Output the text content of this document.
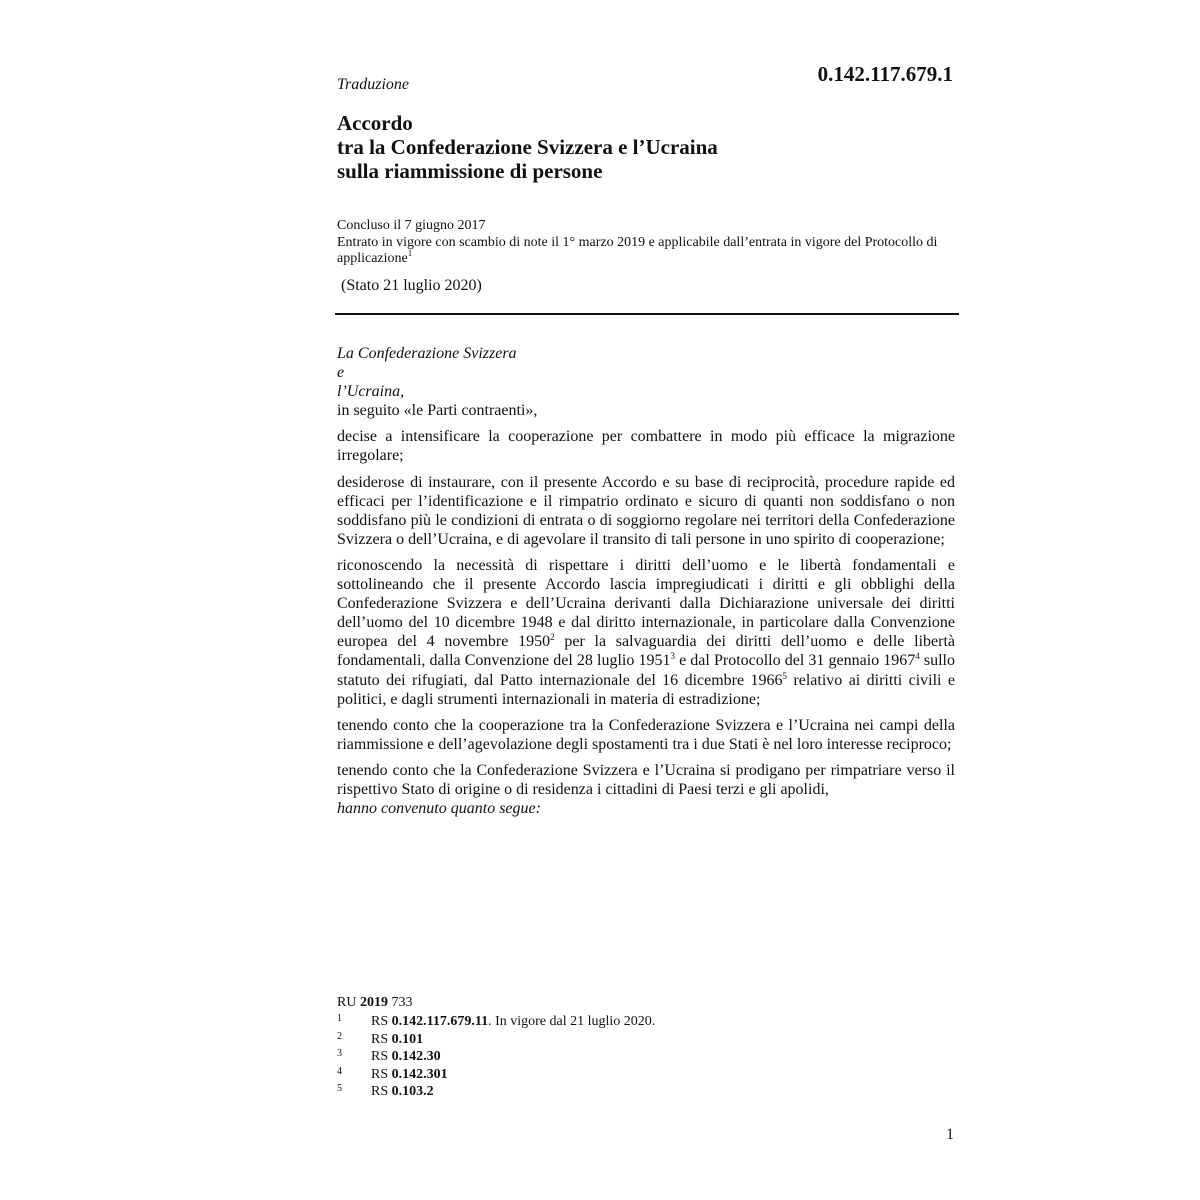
0.142.117.679.1
Traduzione
Accordo
tra la Confederazione Svizzera e l’Ucraina
sulla riammissione di persone
Concluso il 7 giugno 2017
Entrato in vigore con scambio di note il 1° marzo 2019 e applicabile dall’entrata in vigore del Protocollo di applicazione$^1$
(Stato 21 luglio 2020)
La Confederazione Svizzera
e
l’Ucraina,

in seguito «le Parti contraenti»,

decise a intensificare la cooperazione per combattere in modo più efficace la migrazione irregolare;

desiderose di instaurare, con il presente Accordo e su base di reciprocità, procedure rapide ed efficaci per l’identificazione e il rimpatrio ordinato e sicuro di quanti non soddisfano o non soddisfano più le condizioni di entrata o di soggiorno regolare nei territori della Confederazione Svizzera o dell’Ucraina, e di agevolare il transito di tali persone in uno spirito di cooperazione;

riconoscendo la necessità di rispettare i diritti dell’uomo e le libertà fondamentali e sottolineando che il presente Accordo lascia impregiudicati i diritti e gli obblighi della Confederazione Svizzera e dell’Ucraina derivanti dalla Dichiarazione universale dei diritti dell’uomo del 10 dicembre 1948 e dal diritto internazionale, in particolare dalla Convenzione europea del 4 novembre 1950$^2$ per la salvaguardia dei diritti dell’uomo e delle libertà fondamentali, dalla Convenzione del 28 luglio 1951$^3$ e dal Protocollo del 31 gennaio 1967$^4$ sullo statuto dei rifugiati, dal Patto internazionale del 16 dicembre 1966$^5$ relativo ai diritti civili e politici, e dagli strumenti internazionali in materia di estradizione;

tenendo conto che la cooperazione tra la Confederazione Svizzera e l’Ucraina nei campi della riammissione e dell’agevolazione degli spostamenti tra i due Stati è nel loro interesse reciproco;

tenendo conto che la Confederazione Svizzera e l’Ucraina si prodigano per rimpatriare verso il rispettivo Stato di origine o di residenza i cittadini di Paesi terzi e gli apolidi,

hanno convenuto quanto segue:

RU 2019 733
1	RS 0.142.117.679.11. In vigore dal 21 luglio 2020.
2	RS 0.101
3	RS 0.142.30
4	RS 0.142.301
5	RS 0.103.2
1
